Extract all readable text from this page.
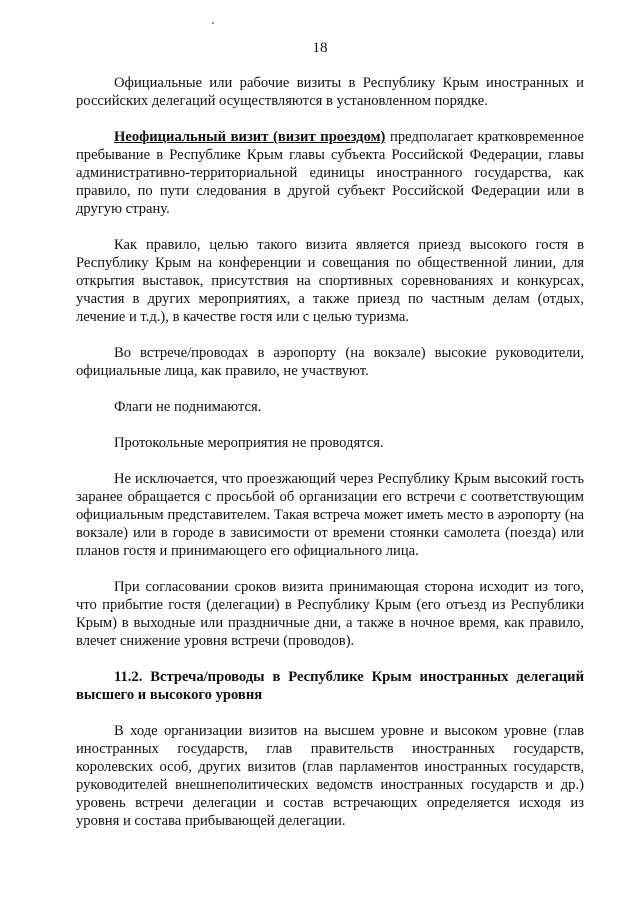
18

Официальные или рабочие визиты в Республику Крым иностранных и российских делегаций осуществляются в установленном порядке.

Неофициальный визит (визит проездом) предполагает кратковременное пребывание в Республике Крым главы субъекта Российской Федерации, главы административно-территориальной единицы иностранного государства, как правило, по пути следования в другой субъект Российской Федерации или в другую страну.

Как правило, целью такого визита является приезд высокого гостя в Республику Крым на конференции и совещания по общественной линии, для открытия выставок, присутствия на спортивных соревнованиях и конкурсах, участия в других мероприятиях, а также приезд по частным делам (отдых, лечение и т.д.), в качестве гостя или с целью туризма.

Во встрече/проводах в аэропорту (на вокзале) высокие руководители, официальные лица, как правило, не участвуют.

Флаги не поднимаются.

Протокольные мероприятия не проводятся.

Не исключается, что проезжающий через Республику Крым высокий гость заранее обращается с просьбой об организации его встречи с соответствующим официальным представителем. Такая встреча может иметь место в аэропорту (на вокзале) или в городе в зависимости от времени стоянки самолета (поезда) или планов гостя и принимающего его официального лица.

При согласовании сроков визита принимающая сторона исходит из того, что прибытие гостя (делегации) в Республику Крым (его отъезд из Республики Крым) в выходные или праздничные дни, а также в ночное время, как правило, влечет снижение уровня встречи (проводов).

11.2. Встреча/проводы в Республике Крым иностранных делегаций высшего и высокого уровня

В ходе организации визитов на высшем уровне и высоком уровне (глав иностранных государств, глав правительств иностранных государств, королевских особ, других визитов (глав парламентов иностранных государств, руководителей внешнеполитических ведомств иностранных государств и др.) уровень встречи делегации и состав встречающих определяется исходя из уровня и состава прибывающей делегации.
